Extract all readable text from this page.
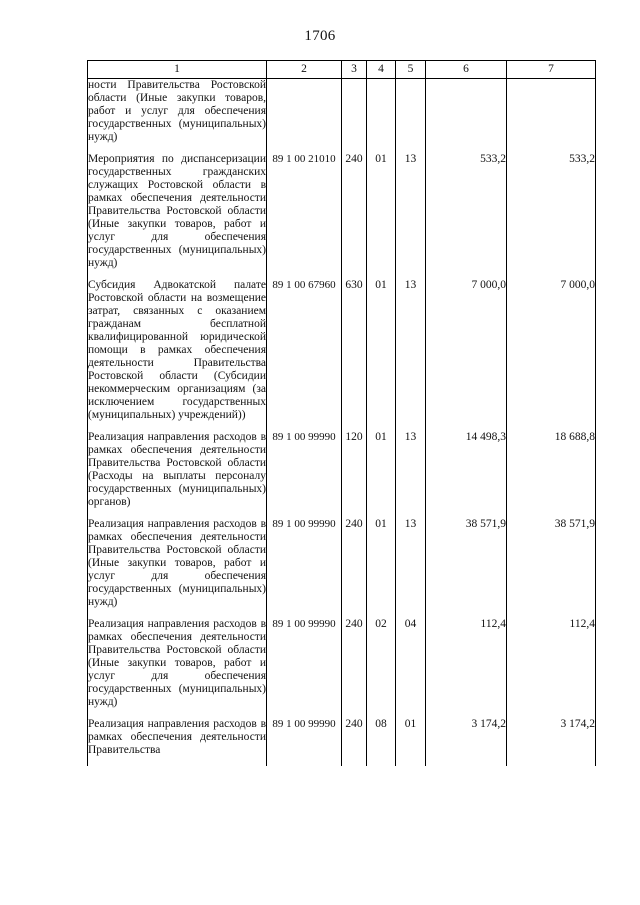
1706
1	2	3	4	5	6	7
ности Правительства Ростовской области (Иные закупки товаров, работ и услуг для обеспечения государственных (муниципальных) нужд)						
Мероприятия по диспансеризации государственных гражданских служащих Ростовской области в рамках обеспечения деятельности Правительства Ростовской области (Иные закупки товаров, работ и услуг для обеспечения государственных (муниципальных) нужд)	89 1 00 21010	240	01	13	533,2	533,2
Субсидия Адвокатской палате Ростовской области на возмещение затрат, связанных с оказанием гражданам бесплатной квалифицированной юридической помощи в рамках обеспечения деятельности Правительства Ростовской области (Субсидии некоммерческим организациям (за исключением государственных (муниципальных) учреждений))	89 1 00 67960	630	01	13	7 000,0	7 000,0
Реализация направления расходов в рамках обеспечения деятельности Правительства Ростовской области (Расходы на выплаты персоналу государственных (муниципальных) органов)	89 1 00 99990	120	01	13	14 498,3	18 688,8
Реализация направления расходов в рамках обеспечения деятельности Правительства Ростовской области (Иные закупки товаров, работ и услуг для обеспечения государственных (муниципальных) нужд)	89 1 00 99990	240	01	13	38 571,9	38 571,9
Реализация направления расходов в рамках обеспечения деятельности Правительства Ростовской области (Иные закупки товаров, работ и услуг для обеспечения государственных (муниципальных) нужд)	89 1 00 99990	240	02	04	112,4	112,4
Реализация направления расходов в рамках обеспечения деятельности Правительства	89 1 00 99990	240	08	01	3 174,2	3 174,2
